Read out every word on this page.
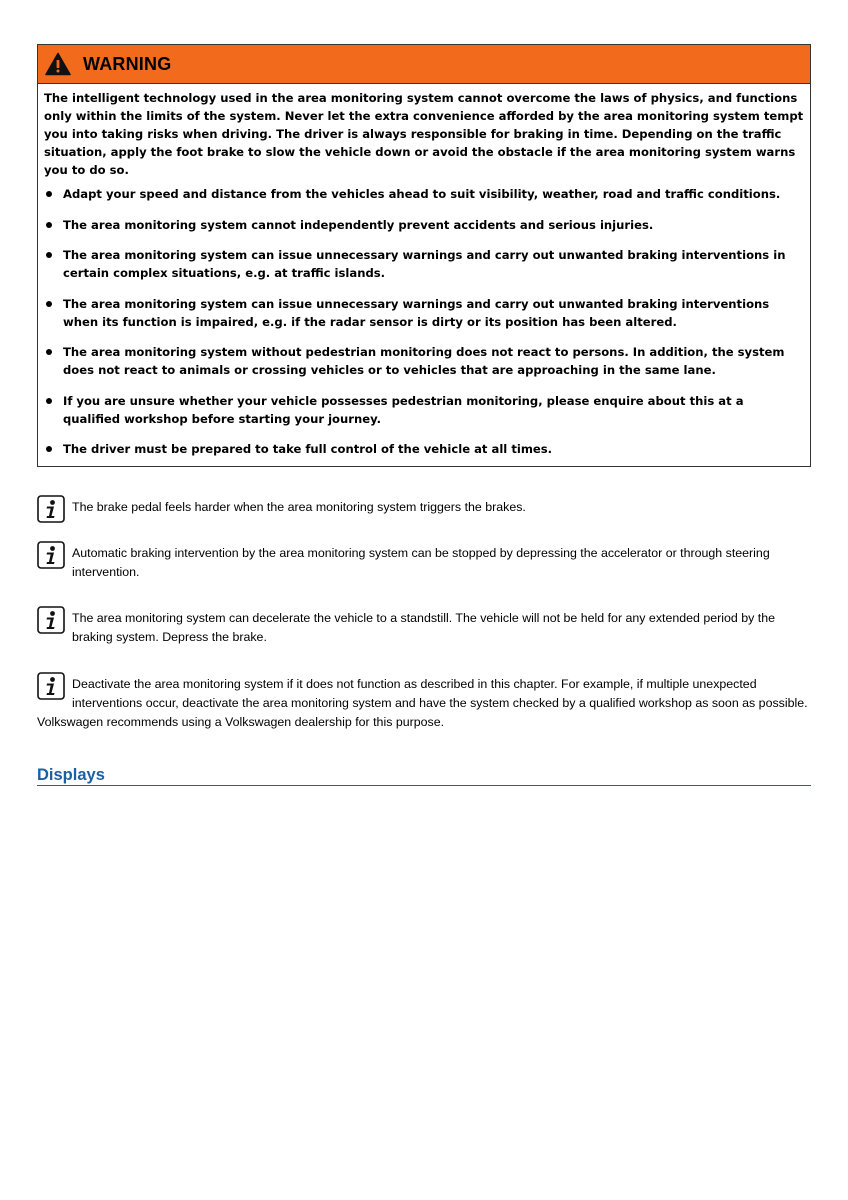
WARNING

The intelligent technology used in the area monitoring system cannot overcome the laws of physics, and functions only within the limits of the system. Never let the extra convenience afforded by the area monitoring system tempt you into taking risks when driving. The driver is always responsible for braking in time. Depending on the traffic situation, apply the foot brake to slow the vehicle down or avoid the obstacle if the area monitoring system warns you to do so.

Adapt your speed and distance from the vehicles ahead to suit visibility, weather, road and traffic conditions.
The area monitoring system cannot independently prevent accidents and serious injuries.
The area monitoring system can issue unnecessary warnings and carry out unwanted braking interventions in certain complex situations, e.g. at traffic islands.
The area monitoring system can issue unnecessary warnings and carry out unwanted braking interventions when its function is impaired, e.g. if the radar sensor is dirty or its position has been altered.
The area monitoring system without pedestrian monitoring does not react to persons. In addition, the system does not react to animals or crossing vehicles or to vehicles that are approaching in the same lane.
If you are unsure whether your vehicle possesses pedestrian monitoring, please enquire about this at a qualified workshop before starting your journey.
The driver must be prepared to take full control of the vehicle at all times.
The brake pedal feels harder when the area monitoring system triggers the brakes.
Automatic braking intervention by the area monitoring system can be stopped by depressing the accelerator or through steering intervention.
The area monitoring system can decelerate the vehicle to a standstill. The vehicle will not be held for any extended period by the braking system. Depress the brake.
Deactivate the area monitoring system if it does not function as described in this chapter. For example, if multiple unexpected interventions occur, deactivate the area monitoring system and have the system checked by a qualified workshop as soon as possible. Volkswagen recommends using a Volkswagen dealership for this purpose.
Displays
